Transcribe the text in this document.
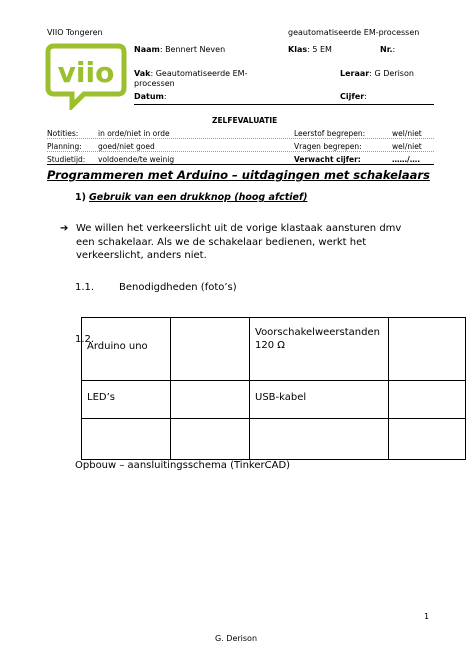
VIIO Tongeren	geautomatiseerde EM-processen
viio
Naam: Bennert Neven	Klas: 5 EM	Nr.:
Vak: Geautomatiseerde EM-
processen
Leraar: G Derison
Datum:	Cijfer:
ZELFEVALUATIE
Notities:	in orde/niet in orde	Leerstof begrepen:	wel/niet
Planning: goed/niet goed	Vragen begrepen:	wel/niet
Studietijd: voldoende/te weinig	Verwacht cijfer:	……/….
Programmeren met Arduino – uitdagingen met schakelaars
1) Gebruik van een drukknop (hoog afctief)
➔ We willen het verkeerslicht uit de vorige klastaak aansturen dmv een schakelaar. Als we de schakelaar bedienen, werkt het verkeerslicht, anders niet.
1.1. Benodigdheden (foto’s)
Arduino uno		Voorschakelweerstanden
120 Ω	

LED’s		USB-kabel	

1.2.
Opbouw – aansluitingsschema (TinkerCAD)
1
G. Derison
